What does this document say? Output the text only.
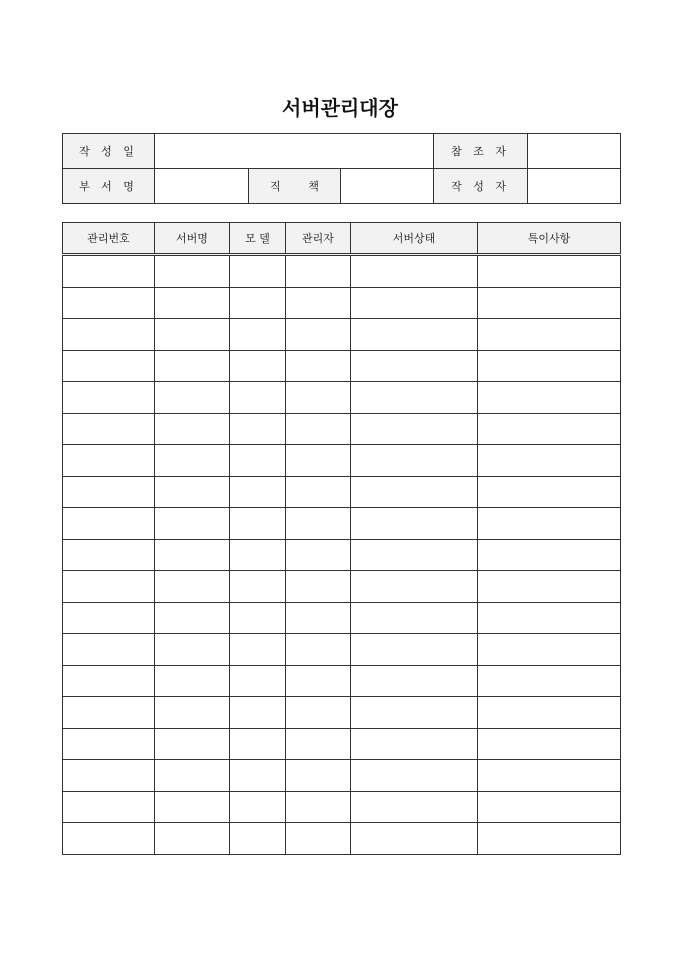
서버관리대장
작 성 일				참 조 자	
부 서 명		직 책		작 성 자	
관리번호	서버명	모 델	관리자	서버상태	특이사항
